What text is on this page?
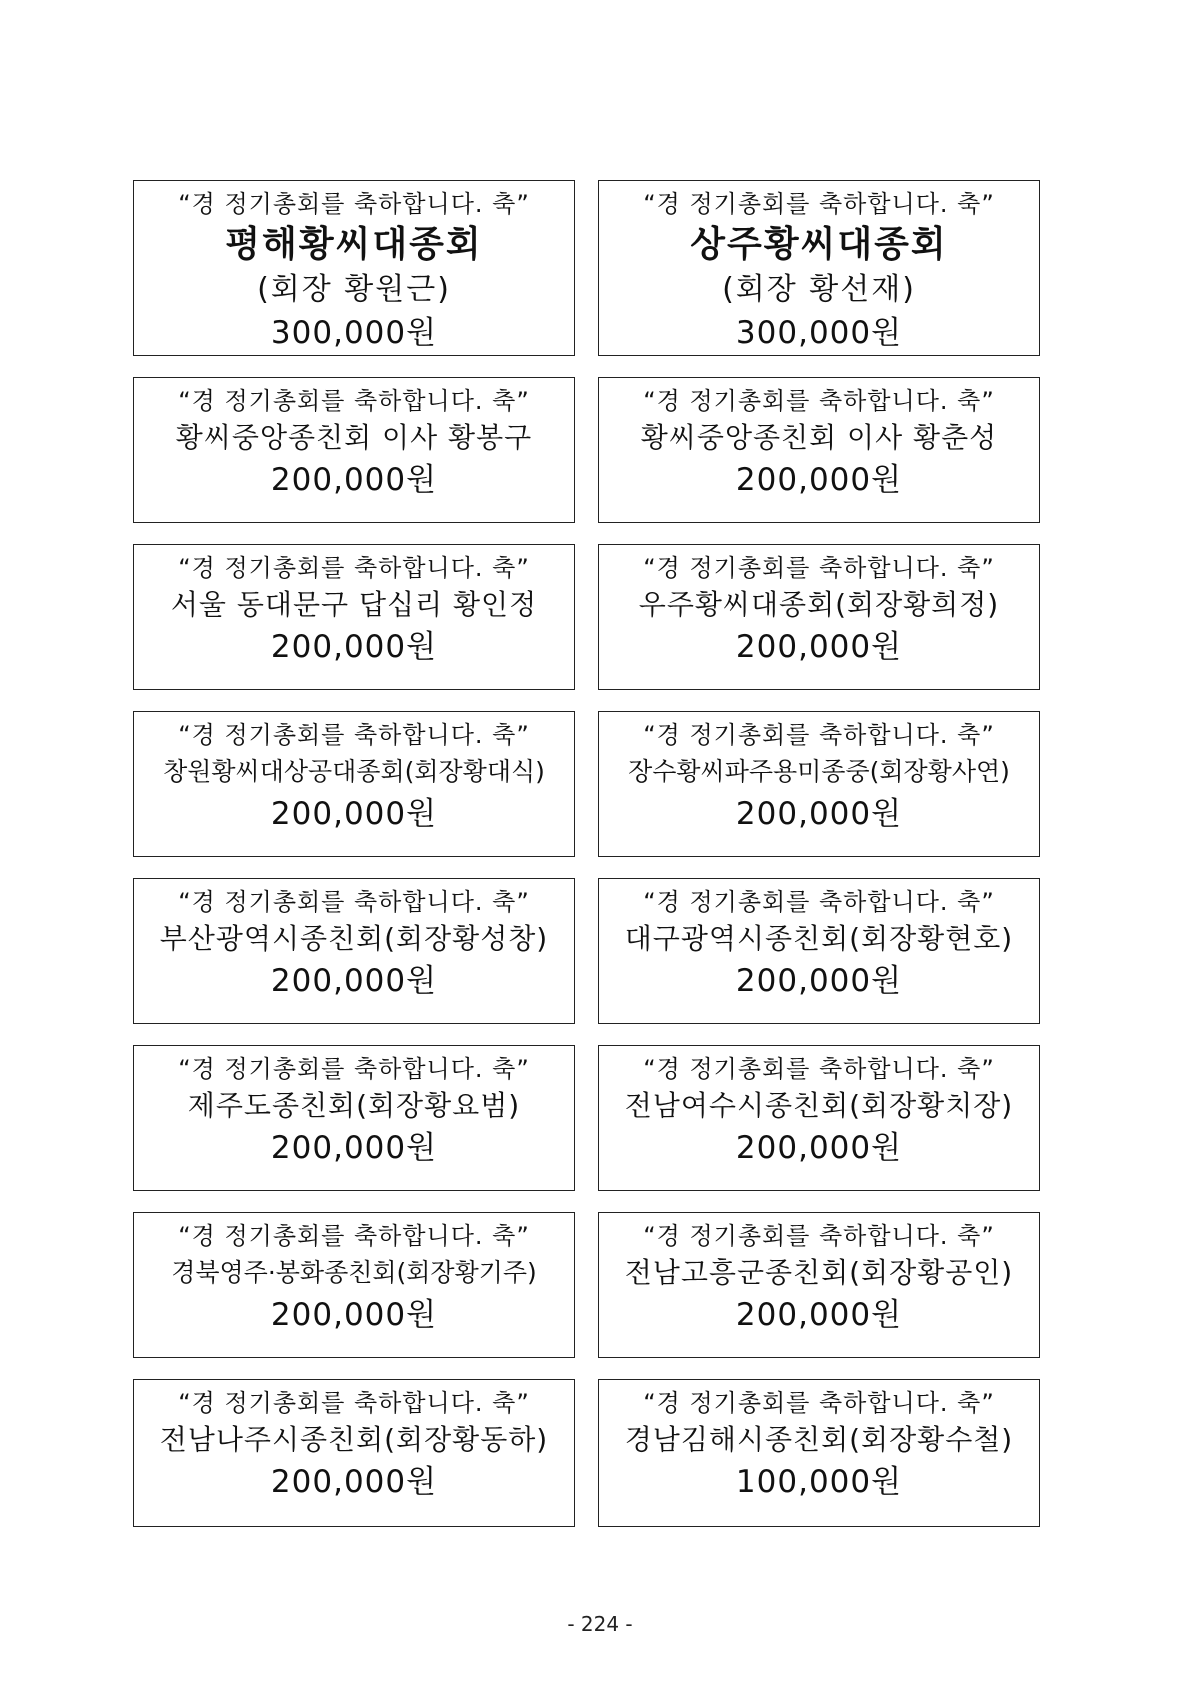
“경 정기총회를 축하합니다. 축”
평해황씨대종회
(회장 황원근)
300,000원
“경 정기총회를 축하합니다. 축”
상주황씨대종회
(회장 황선재)
300,000원
“경 정기총회를 축하합니다. 축”
황씨중앙종친회 이사 황봉구
200,000원
“경 정기총회를 축하합니다. 축”
황씨중앙종친회 이사 황춘성
200,000원
“경 정기총회를 축하합니다. 축”
서울 동대문구 답십리 황인정
200,000원
“경 정기총회를 축하합니다. 축”
우주황씨대종회(회장황희정)
200,000원
“경 정기총회를 축하합니다. 축”
창원황씨대상공대종회(회장황대식)
200,000원
“경 정기총회를 축하합니다. 축”
장수황씨파주용미종중(회장황사연)
200,000원
“경 정기총회를 축하합니다. 축”
부산광역시종친회(회장황성창)
200,000원
“경 정기총회를 축하합니다. 축”
대구광역시종친회(회장황현호)
200,000원
“경 정기총회를 축하합니다. 축”
제주도종친회(회장황요범)
200,000원
“경 정기총회를 축하합니다. 축”
전남여수시종친회(회장황치장)
200,000원
“경 정기총회를 축하합니다. 축”
경북영주·봉화종친회(회장황기주)
200,000원
“경 정기총회를 축하합니다. 축”
전남고흥군종친회(회장황공인)
200,000원
“경 정기총회를 축하합니다. 축”
전남나주시종친회(회장황동하)
200,000원
“경 정기총회를 축하합니다. 축”
경남김해시종친회(회장황수철)
100,000원
- 224 -
